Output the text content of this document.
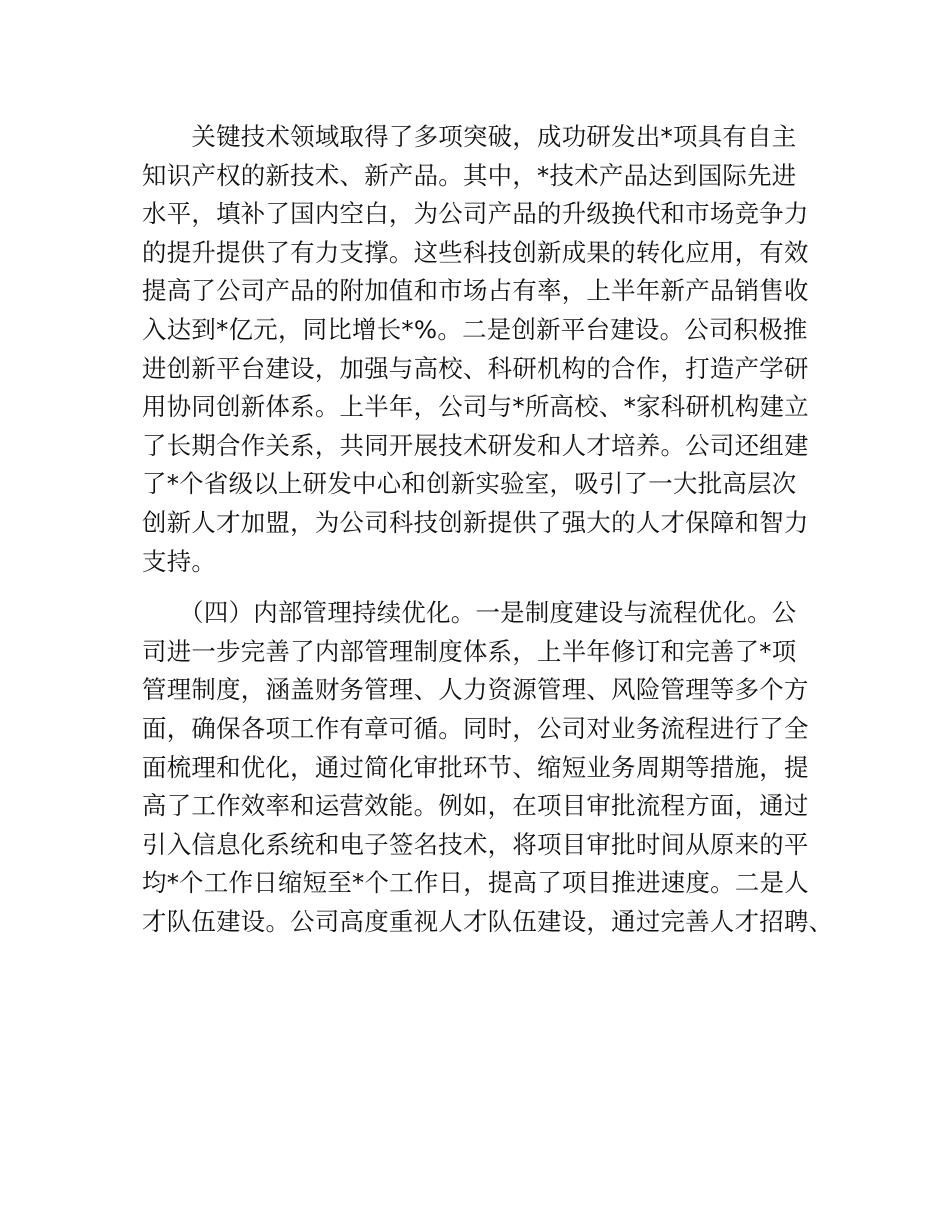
　　关键技术领域取得了多项突破，成功研发出*项具有自主
知识产权的新技术、新产品。其中，*技术产品达到国际先进
水平，填补了国内空白，为公司产品的升级换代和市场竞争力
的提升提供了有力支撑。这些科技创新成果的转化应用，有效
提高了公司产品的附加值和市场占有率，上半年新产品销售收
入达到*亿元，同比增长*%。二是创新平台建设。公司积极推
进创新平台建设，加强与高校、科研机构的合作，打造产学研
用协同创新体系。上半年，公司与*所高校、*家科研机构建立
了长期合作关系，共同开展技术研发和人才培养。公司还组建
了*个省级以上研发中心和创新实验室，吸引了一大批高层次
创新人才加盟，为公司科技创新提供了强大的人才保障和智力
支持。
　　（四）内部管理持续优化。一是制度建设与流程优化。公
司进一步完善了内部管理制度体系，上半年修订和完善了*项
管理制度，涵盖财务管理、人力资源管理、风险管理等多个方
面，确保各项工作有章可循。同时，公司对业务流程进行了全
面梳理和优化，通过简化审批环节、缩短业务周期等措施，提
高了工作效率和运营效能。例如，在项目审批流程方面，通过
引入信息化系统和电子签名技术，将项目审批时间从原来的平
均*个工作日缩短至*个工作日，提高了项目推进速度。二是人
才队伍建设。公司高度重视人才队伍建设，通过完善人才招聘、
